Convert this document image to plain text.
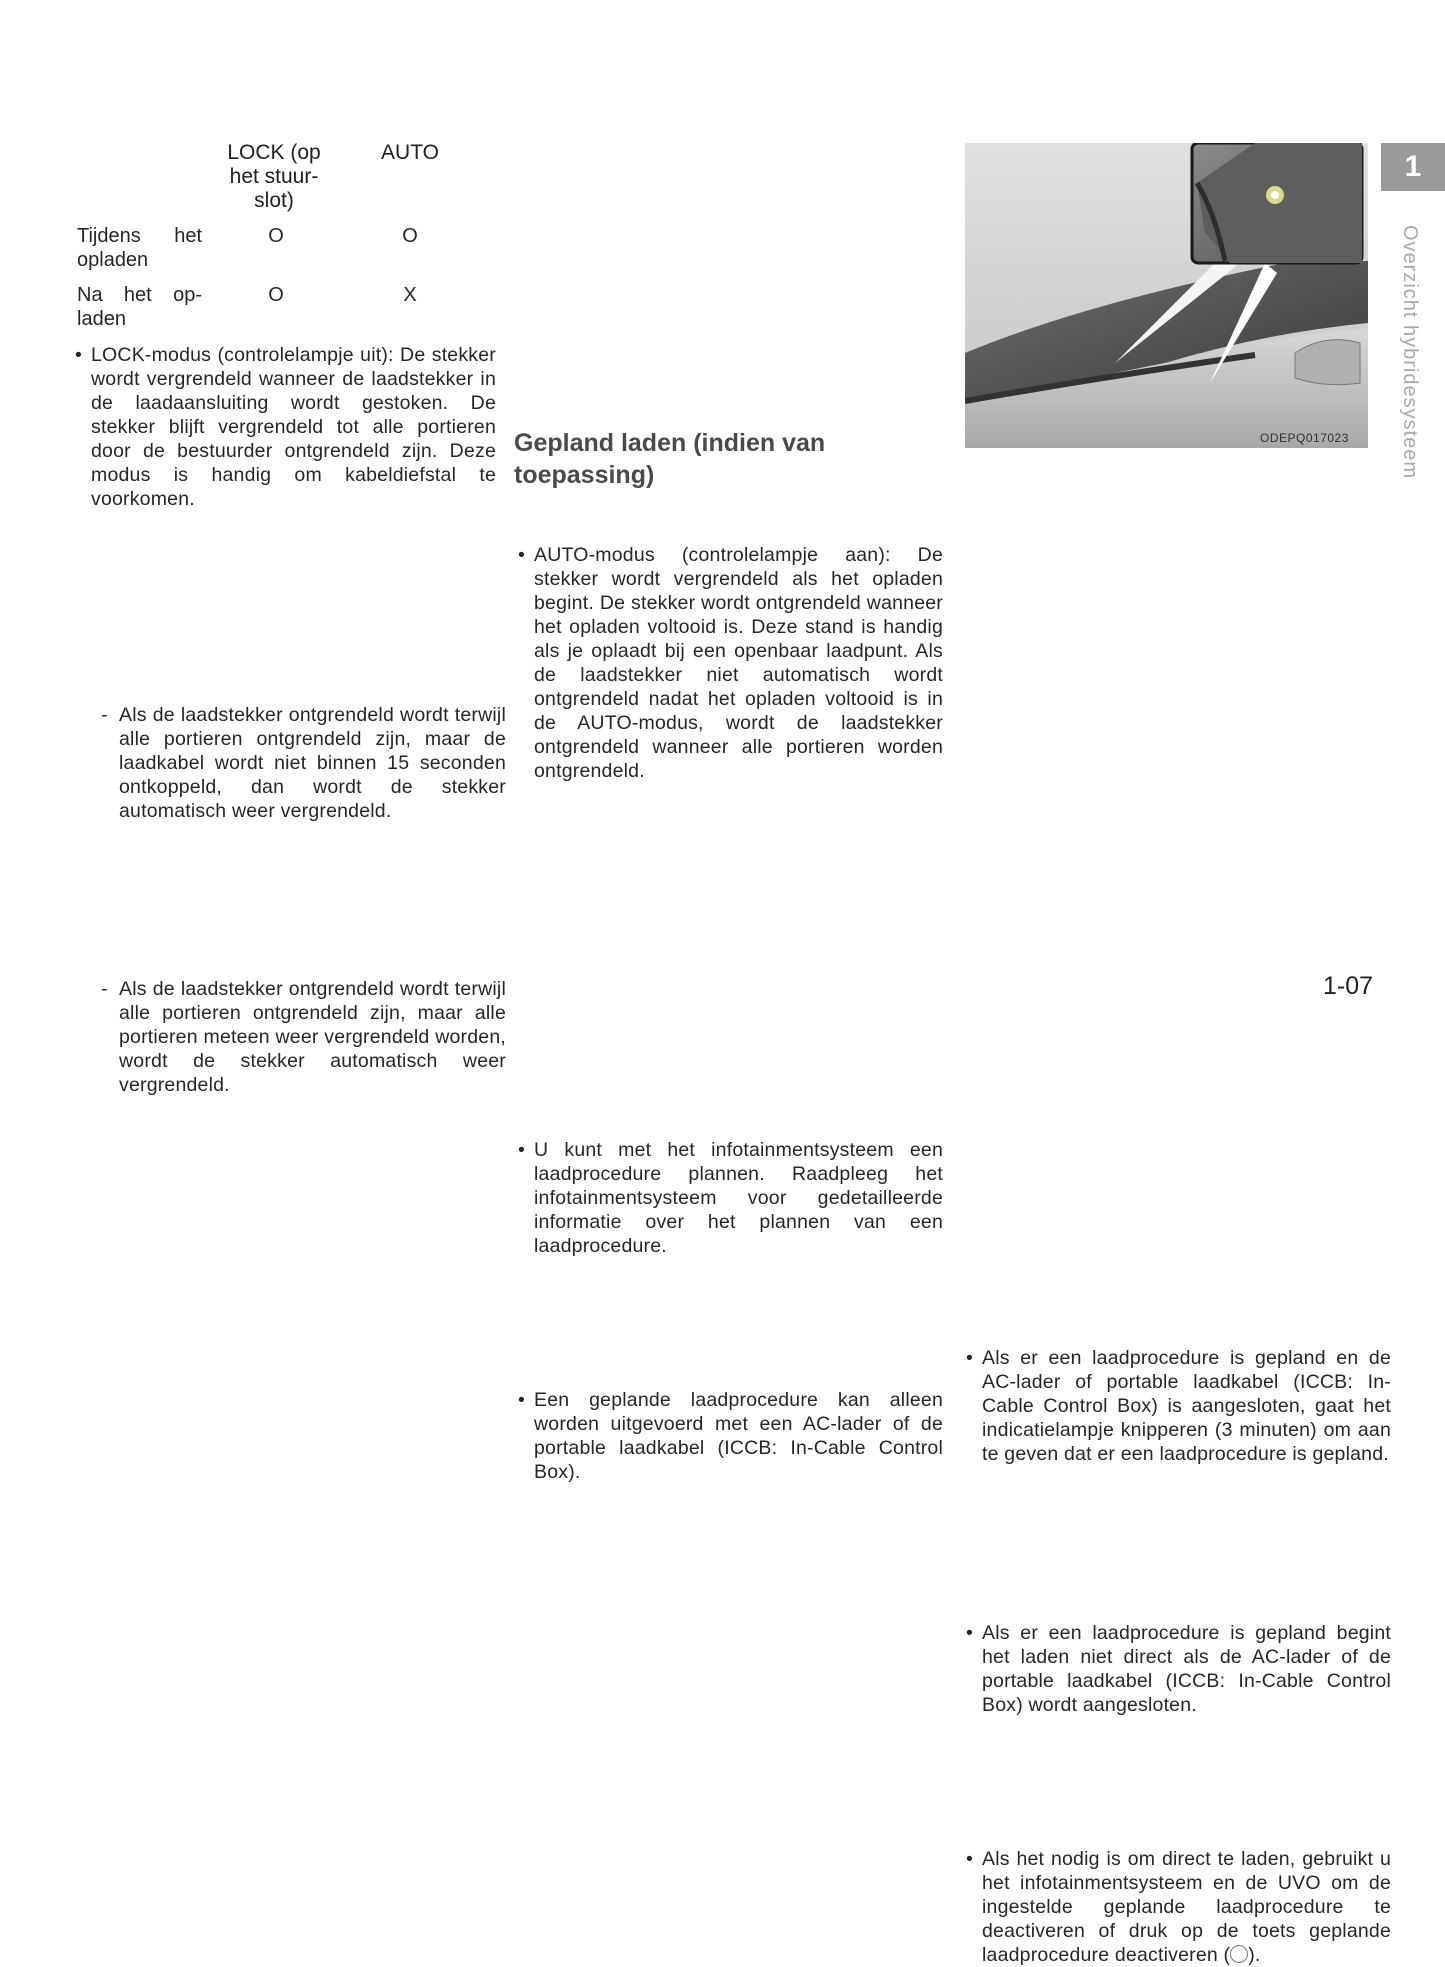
LOCK (op het stuur-slot)
AUTO
Tijdens het opladen
O	O
Na het op-laden
O	X
• LOCK-modus (controlelampje uit): De stekker wordt vergrendeld wanneer de laadstekker in de laadaansluiting wordt gestoken. De stekker blijft vergrendeld tot alle portieren door de bestuurder ontgrendeld zijn. Deze modus is handig om kabeldiefstal te voorkomen.
- Als de laadstekker ontgrendeld wordt terwijl alle portieren ontgrendeld zijn, maar de laadkabel wordt niet binnen 15 seconden ontkoppeld, dan wordt de stekker automatisch weer vergrendeld.
- Als de laadstekker ontgrendeld wordt terwijl alle portieren ontgrendeld zijn, maar alle portieren meteen weer vergrendeld worden, wordt de stekker automatisch weer vergrendeld.
• AUTO-modus (controlelampje aan): De stekker wordt vergrendeld als het opladen begint. De stekker wordt ontgrendeld wanneer het opladen voltooid is. Deze stand is handig als je oplaadt bij een openbaar laadpunt. Als de laadstekker niet automatisch wordt ontgrendeld nadat het opladen voltooid is in de AUTO-modus, wordt de laadstekker ontgrendeld wanneer alle portieren worden ontgrendeld.
Gepland laden (indien van toepassing)
• U kunt met het infotainmentsysteem een laadprocedure plannen. Raadpleeg het infotainmentsysteem voor gedetailleerde informatie over het plannen van een laadprocedure.
• Een geplande laadprocedure kan alleen worden uitgevoerd met een AC-lader of de portable laadkabel (ICCB: In-Cable Control Box).
ODEPQ017023
• Als er een laadprocedure is gepland en de AC-lader of portable laadkabel (ICCB: In-Cable Control Box) is aangesloten, gaat het indicatielampje knipperen (3 minuten) om aan te geven dat er een laadprocedure is gepland.
• Als er een laadprocedure is gepland begint het laden niet direct als de AC-lader of de portable laadkabel (ICCB: In-Cable Control Box) wordt aangesloten.
• Als het nodig is om direct te laden, gebruikt u het infotainmentsysteem en de UVO om de ingestelde geplande laadprocedure te deactiveren of druk op de toets geplande laadprocedure deactiveren ( ).
1
Overzicht hybridesysteem
1-07
